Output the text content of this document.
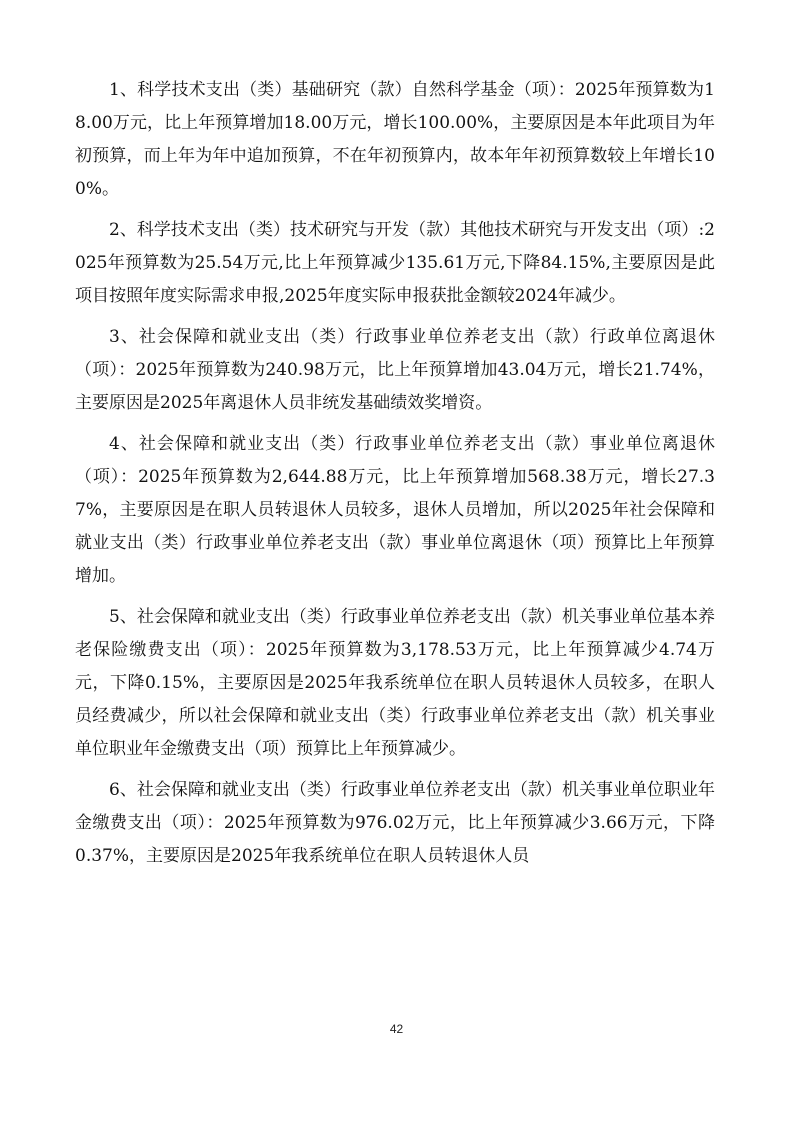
1、科学技术支出（类）基础研究（款）自然科学基金（项）：2025年预算数为18.00万元，比上年预算增加18.00万元，增长100.00%，主要原因是本年此项目为年初预算，而上年为年中追加预算，不在年初预算内，故本年年初预算数较上年增长100%。

2、科学技术支出（类）技术研究与开发（款）其他技术研究与开发支出（项）:2025年预算数为25.54万元,比上年预算减少135.61万元,下降84.15%,主要原因是此项目按照年度实际需求申报,2025年度实际申报获批金额较2024年减少。

3、社会保障和就业支出（类）行政事业单位养老支出（款）行政单位离退休（项）：2025年预算数为240.98万元，比上年预算增加43.04万元，增长21.74%，主要原因是2025年离退休人员非统发基础绩效奖增资。

4、社会保障和就业支出（类）行政事业单位养老支出（款）事业单位离退休（项）：2025年预算数为2,644.88万元，比上年预算增加568.38万元，增长27.37%，主要原因是在职人员转退休人员较多，退休人员增加，所以2025年社会保障和就业支出（类）行政事业单位养老支出（款）事业单位离退休（项）预算比上年预算增加。

5、社会保障和就业支出（类）行政事业单位养老支出（款）机关事业单位基本养老保险缴费支出（项）：2025年预算数为3,178.53万元，比上年预算减少4.74万元，下降0.15%，主要原因是2025年我系统单位在职人员转退休人员较多，在职人员经费减少，所以社会保障和就业支出（类）行政事业单位养老支出（款）机关事业单位职业年金缴费支出（项）预算比上年预算减少。

6、社会保障和就业支出（类）行政事业单位养老支出（款）机关事业单位职业年金缴费支出（项）：2025年预算数为976.02万元，比上年预算减少3.66万元，下降0.37%，主要原因是2025年我系统单位在职人员转退休人员

42
